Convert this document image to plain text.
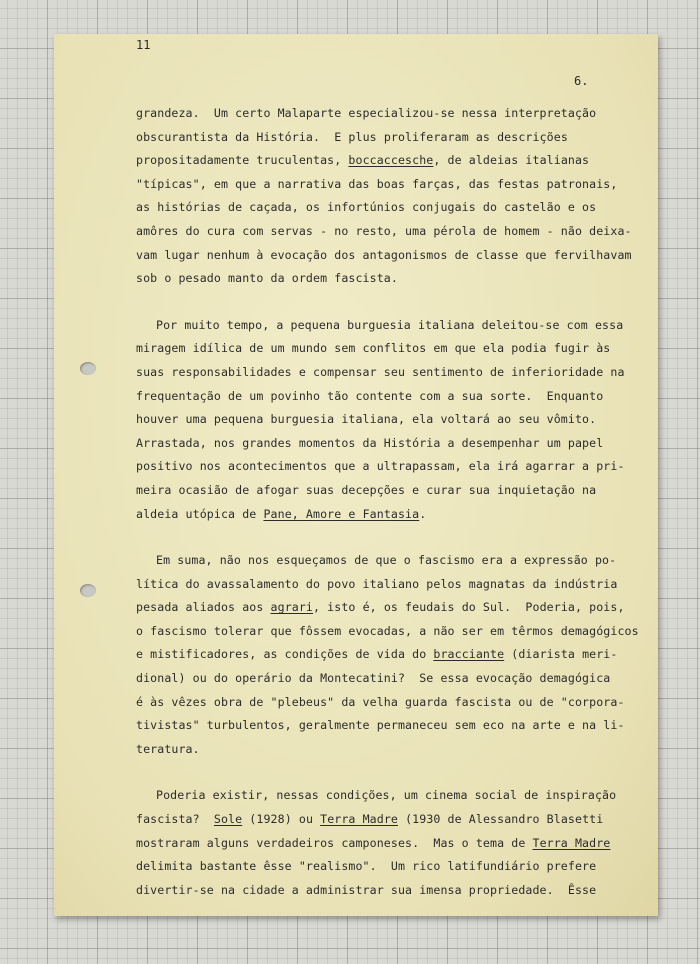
11
6.
grandeza.  Um certo Malaparte especializou-se nessa interpretação
obscurantista da História.  E plus proliferaram as descrições
propositadamente truculentas, boccaccesche, de aldeias italianas
"típicas", em que a narrativa das boas farças, das festas patronais,
as histórias de caçada, os infortúnios conjugais do castelão e os
amôres do cura com servas - no resto, uma pérola de homem - não deixa-
vam lugar nenhum à evocação dos antagonismos de classe que fervilhavam
sob o pesado manto da ordem fascista.
Por muito tempo, a pequena burguesia italiana deleitou-se com essa
miragem idílica de um mundo sem conflitos em que ela podia fugir às
suas responsabilidades e compensar seu sentimento de inferioridade na
frequentação de um povinho tão contente com a sua sorte.  Enquanto
houver uma pequena burguesia italiana, ela voltará ao seu vômito.
Arrastada, nos grandes momentos da História a desempenhar um papel
positivo nos acontecimentos que a ultrapassam, ela irá agarrar a pri-
meira ocasião de afogar suas decepções e curar sua inquietação na
aldeia utópica de Pane, Amore e Fantasia.
Em suma, não nos esqueçamos de que o fascismo era a expressão po-
lítica do avassalamento do povo italiano pelos magnatas da indústria
pesada aliados aos agrari, isto é, os feudais do Sul.  Poderia, pois,
o fascismo tolerar que fôssem evocadas, a não ser em têrmos demagógicos
e mistificadores, as condições de vida do bracciante (diarista meri-
dional) ou do operário da Montecatini?  Se essa evocação demagógica
é às vêzes obra de "plebeus" da velha guarda fascista ou de "corpora-
tivistas" turbulentos, geralmente permaneceu sem eco na arte e na li-
teratura.
Poderia existir, nessas condições, um cinema social de inspiração
fascista?  Sole (1928) ou Terra Madre (1930 de Alessandro Blasetti
mostraram alguns verdadeiros camponeses.  Mas o tema de Terra Madre
delimita bastante êsse "realismo".  Um rico latifundiário prefere
divertir-se na cidade a administrar sua imensa propriedade.  Êsse
